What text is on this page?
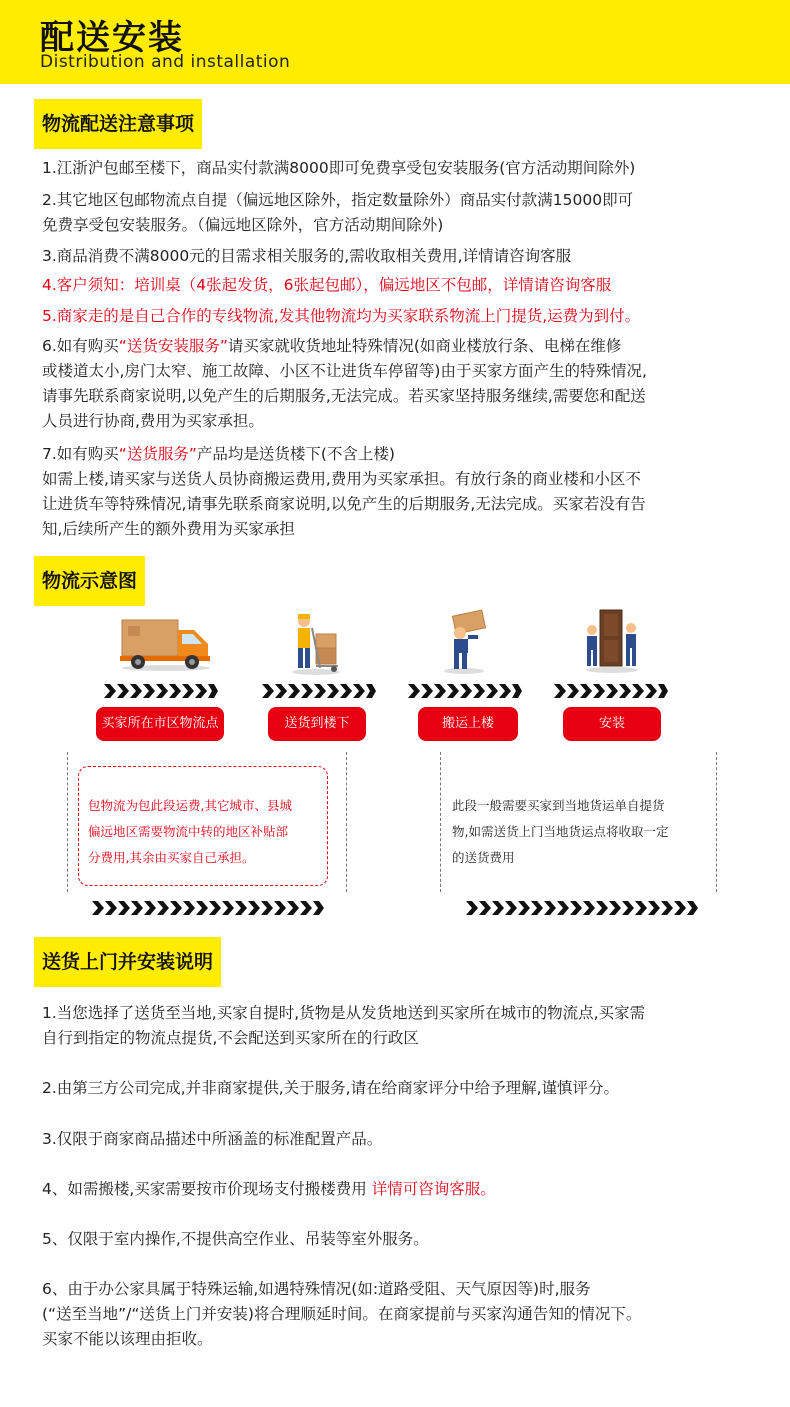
配送安装
Distribution and installation
物流配送注意事项
1.江浙沪包邮至楼下，商品实付款满8000即可免费享受包安装服务(官方活动期间除外)
2.其它地区包邮物流点自提（偏远地区除外，指定数量除外）商品实付款满15000即可
免费享受包安装服务。（偏远地区除外，官方活动期间除外)
3.商品消费不满8000元的目需求相关服务的,需收取相关费用,详情请咨询客服
4.客户须知：培训桌（4张起发货，6张起包邮），偏远地区不包邮，详情请咨询客服
5.商家走的是自己合作的专线物流,发其他物流均为买家联系物流上门提货,运费为到付。
6.如有购买“送货安装服务”请买家就收货地址特殊情况(如商业楼放行条、电梯在维修
或楼道太小,房门太窄、施工故障、小区不让进货车停留等)由于买家方面产生的特殊情况,
请事先联系商家说明,以免产生的后期服务,无法完成。若买家坚持服务继续,需要您和配送
人员进行协商,费用为买家承担。
7.如有购买“送货服务”产品均是送货楼下(不含上楼)
如需上楼,请买家与送货人员协商搬运费用,费用为买家承担。有放行条的商业楼和小区不
让进货车等特殊情况,请事先联系商家说明,以免产生的后期服务,无法完成。买家若没有告
知,后续所产生的额外费用为买家承担
物流示意图
买家所在市区物流点	送货到楼下	搬运上楼	安装
包物流为包此段运费,其它城市、县城
偏远地区需要物流中转的地区补贴部
分费用,其余由买家自己承担。
此段一般需要买家到当地货运单自提货
物,如需送货上门当地货运点将收取一定
的送货费用
送货上门并安装说明
1.当您选择了送货至当地,买家自提时,货物是从发货地送到买家所在城市的物流点,买家需
自行到指定的物流点提货,不会配送到买家所在的行政区
2.由第三方公司完成,并非商家提供,关于服务,请在给商家评分中给予理解,谨慎评分。
3.仅限于商家商品描述中所涵盖的标准配置产品。
4、如需搬楼,买家需要按市价现场支付搬楼费用 详情可咨询客服。
5、仅限于室内操作,不提供高空作业、吊装等室外服务。
6、由于办公家具属于特殊运输,如遇特殊情况(如:道路受阻、天气原因等)时,服务
(“送至当地”/“送货上门并安装)将合理顺延时间。在商家提前与买家沟通告知的情况下。
买家不能以该理由拒收。
